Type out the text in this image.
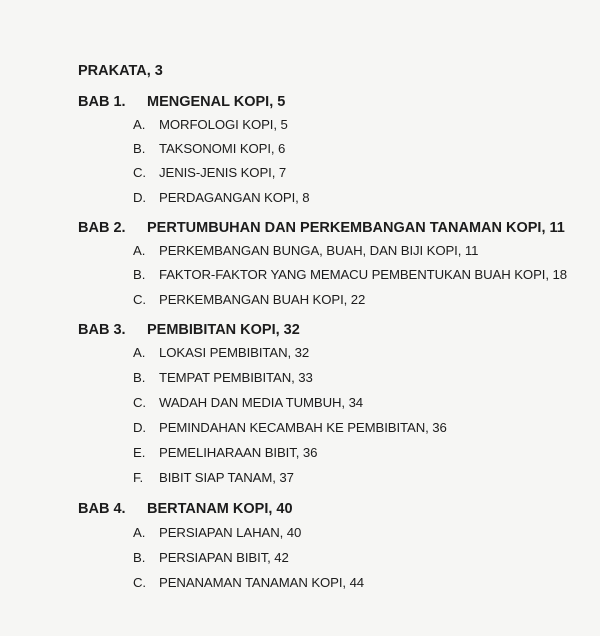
PRAKATA, 3
BAB 1. MENGENAL KOPI, 5
A. MORFOLOGI KOPI, 5
B. TAKSONOMI KOPI, 6
C. JENIS-JENIS KOPI, 7
D. PERDAGANGAN KOPI, 8
BAB 2. PERTUMBUHAN DAN PERKEMBANGAN TANAMAN KOPI, 11
A. PERKEMBANGAN BUNGA, BUAH, DAN BIJI KOPI, 11
B. FAKTOR-FAKTOR YANG MEMACU PEMBENTUKAN BUAH KOPI, 18
C. PERKEMBANGAN BUAH KOPI, 22
BAB 3. PEMBIBITAN KOPI, 32
A. LOKASI PEMBIBITAN, 32
B. TEMPAT PEMBIBITAN, 33
C. WADAH DAN MEDIA TUMBUH, 34
D. PEMINDAHAN KECAMBAH KE PEMBIBITAN, 36
E. PEMELIHARAAN BIBIT, 36
F. BIBIT SIAP TANAM, 37
BAB 4. BERTANAM KOPI, 40
A. PERSIAPAN LAHAN, 40
B. PERSIAPAN BIBIT, 42
C. PENANAMAN TANAMAN KOPI, 44
